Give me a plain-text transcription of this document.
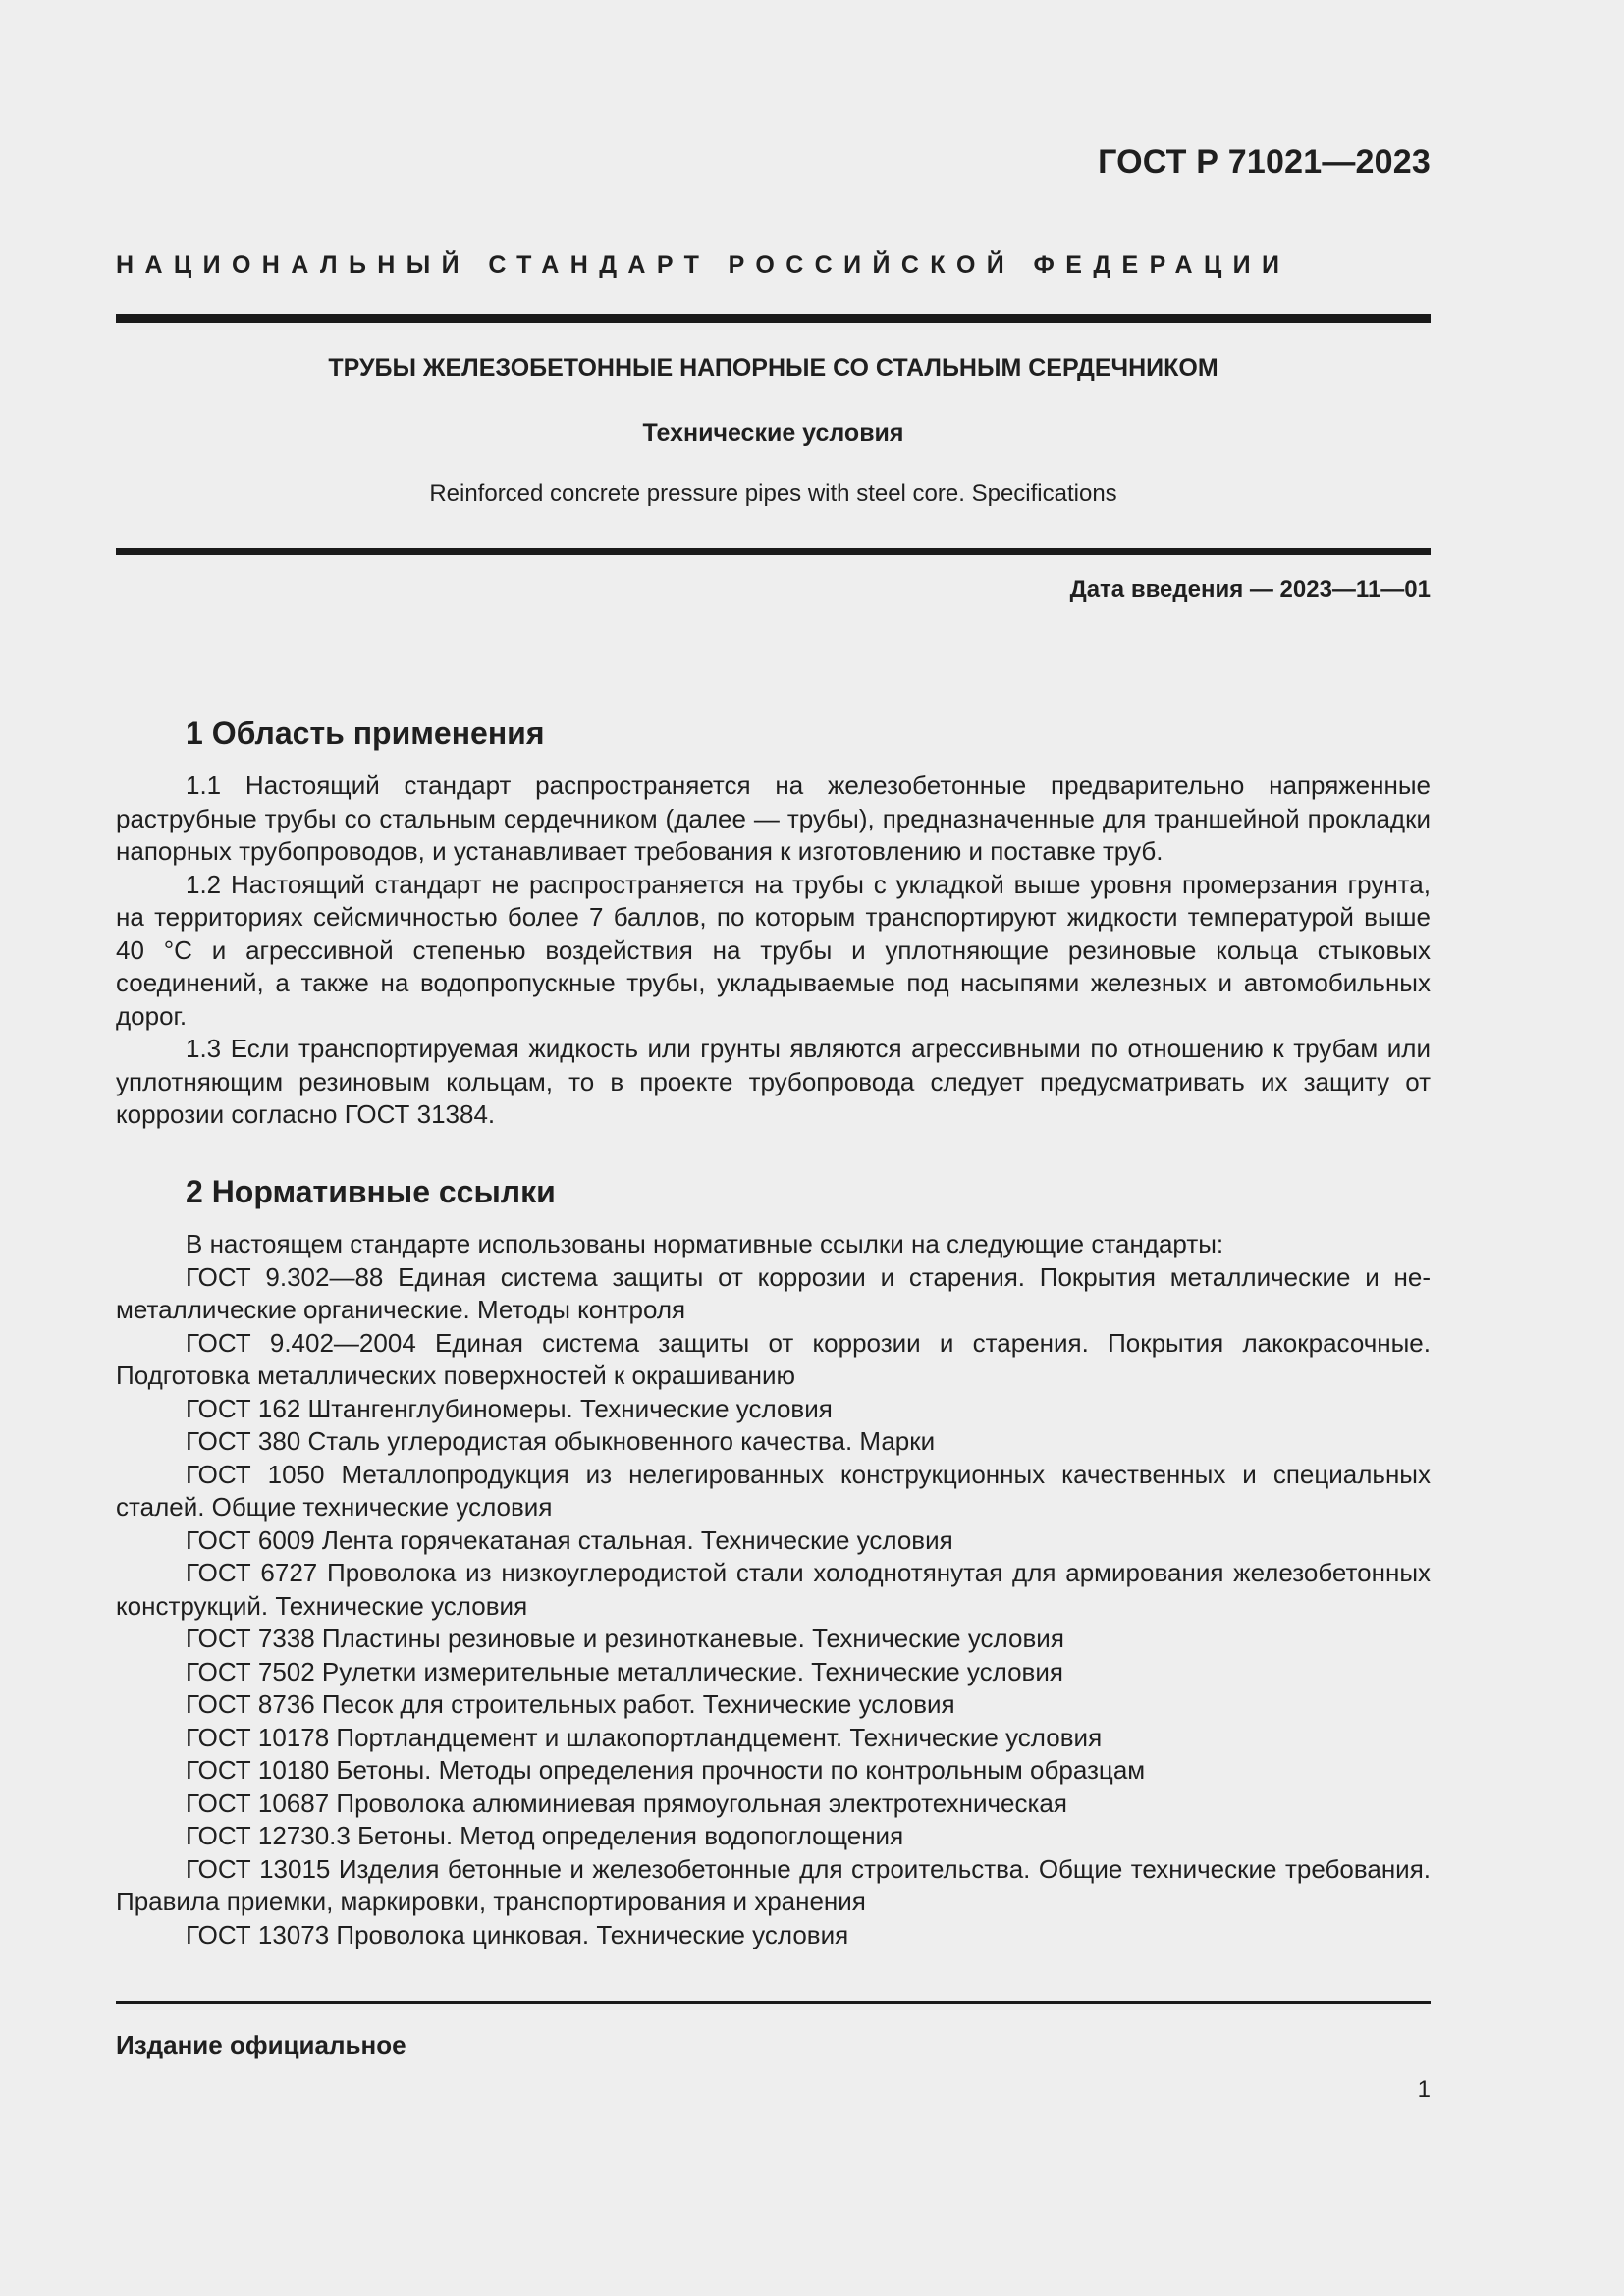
ГОСТ Р 71021—2023

НАЦИОНАЛЬНЫЙ СТАНДАРТ РОССИЙСКОЙ ФЕДЕРАЦИИ

ТРУБЫ ЖЕЛЕЗОБЕТОННЫЕ НАПОРНЫЕ СО СТАЛЬНЫМ СЕРДЕЧНИКОМ

Технические условия

Reinforced concrete pressure pipes with steel core. Specifications

Дата введения — 2023—11—01

1 Область применения

1.1 Настоящий стандарт распространяется на железобетонные предварительно напряженные раструбные трубы со стальным сердечником (далее — трубы), предназначенные для траншейной прокладки напорных трубопроводов, и устанавливает требования к изготовлению и поставке труб.

1.2 Настоящий стандарт не распространяется на трубы с укладкой выше уровня промерзания грунта, на территориях сейсмичностью более 7 баллов, по которым транспортируют жидкости температурой выше 40 °С и агрессивной степенью воздействия на трубы и уплотняющие резиновые кольца стыковых соединений, а также на водопропускные трубы, укладываемые под насыпями железных и автомобильных дорог.

1.3 Если транспортируемая жидкость или грунты являются агрессивными по отношению к трубам или уплотняющим резиновым кольцам, то в проекте трубопровода следует предусматривать их защиту от коррозии согласно ГОСТ 31384.

2 Нормативные ссылки

В настоящем стандарте использованы нормативные ссылки на следующие стандарты:

ГОСТ 9.302—88 Единая система защиты от коррозии и старения. Покрытия металлические и неметаллические органические. Методы контроля

ГОСТ 9.402—2004 Единая система защиты от коррозии и старения. Покрытия лакокрасочные. Подготовка металлических поверхностей к окрашиванию

ГОСТ 162 Штангенглубиномеры. Технические условия

ГОСТ 380 Сталь углеродистая обыкновенного качества. Марки

ГОСТ 1050 Металлопродукция из нелегированных конструкционных качественных и специальных сталей. Общие технические условия

ГОСТ 6009 Лента горячекатаная стальная. Технические условия

ГОСТ 6727 Проволока из низкоуглеродистой стали холоднотянутая для армирования железобетонных конструкций. Технические условия

ГОСТ 7338 Пластины резиновые и резинотканевые. Технические условия

ГОСТ 7502 Рулетки измерительные металлические. Технические условия

ГОСТ 8736 Песок для строительных работ. Технические условия

ГОСТ 10178 Портландцемент и шлакопортландцемент. Технические условия

ГОСТ 10180 Бетоны. Методы определения прочности по контрольным образцам

ГОСТ 10687 Проволока алюминиевая прямоугольная электротехническая

ГОСТ 12730.3 Бетоны. Метод определения водопоглощения

ГОСТ 13015 Изделия бетонные и железобетонные для строительства. Общие технические требования. Правила приемки, маркировки, транспортирования и хранения

ГОСТ 13073 Проволока цинковая. Технические условия

Издание официальное

1
